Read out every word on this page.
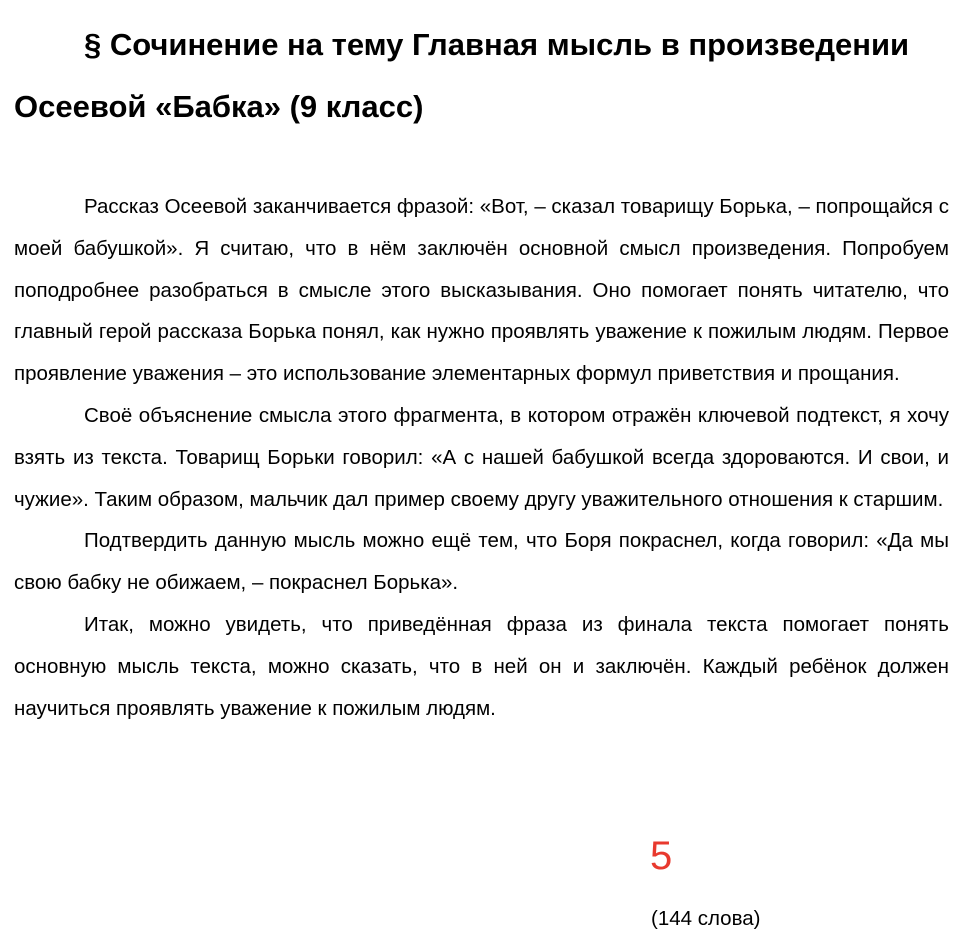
§ Сочинение на тему Главная мысль в произведении Осеевой «Бабка» (9 класс)

Рассказ Осеевой заканчивается фразой: «Вот, – сказал товарищу Борька, – попрощайся с моей бабушкой». Я считаю, что в нём заключён основной смысл произведения. Попробуем поподробнее разобраться в смысле этого высказывания. Оно помогает понять читателю, что главный герой рассказа Борька понял, как нужно проявлять уважение к пожилым людям. Первое проявление уважения – это использование элементарных формул приветствия и прощания.

Своё объяснение смысла этого фрагмента, в котором отражён ключевой подтекст, я хочу взять из текста. Товарищ Борьки говорил: «А с нашей бабушкой всегда здороваются. И свои, и чужие». Таким образом, мальчик дал пример своему другу уважительного отношения к старшим.

Подтвердить данную мысль можно ещё тем, что Боря покраснел, когда говорил: «Да мы свою бабку не обижаем, – покраснел Борька».

Итак, можно увидеть, что приведённая фраза из финала текста помогает понять основную мысль текста, можно сказать, что в ней он и заключён. Каждый ребёнок должен научиться проявлять уважение к пожилым людям.

5

(144 слова)
